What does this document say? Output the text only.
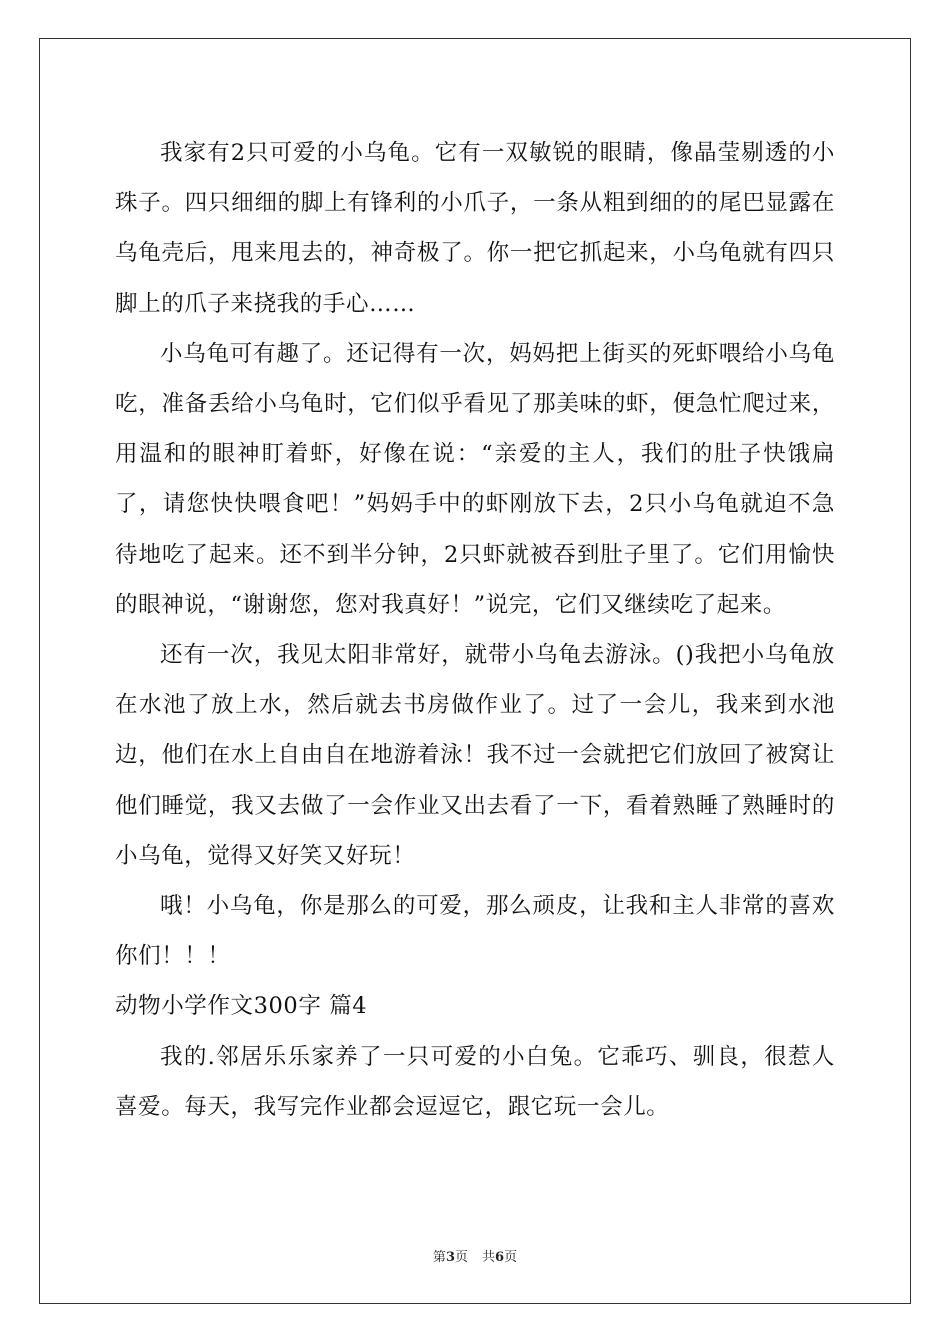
我家有2只可爱的小乌龟。它有一双敏锐的眼睛，像晶莹剔透的小珠子。四只细细的脚上有锋利的小爪子，一条从粗到细的的尾巴显露在乌龟壳后，甩来甩去的，神奇极了。你一把它抓起来，小乌龟就有四只脚上的爪子来挠我的手心……

小乌龟可有趣了。还记得有一次，妈妈把上街买的死虾喂给小乌龟吃，准备丢给小乌龟时，它们似乎看见了那美味的虾，便急忙爬过来，用温和的眼神盯着虾，好像在说：“亲爱的主人，我们的肚子快饿扁了，请您快快喂食吧！”妈妈手中的虾刚放下去，2只小乌龟就迫不急待地吃了起来。还不到半分钟，2只虾就被吞到肚子里了。它们用愉快的眼神说，“谢谢您，您对我真好！”说完，它们又继续吃了起来。

还有一次，我见太阳非常好，就带小乌龟去游泳。()我把小乌龟放在水池了放上水，然后就去书房做作业了。过了一会儿，我来到水池边，他们在水上自由自在地游着泳！我不过一会就把它们放回了被窝让他们睡觉，我又去做了一会作业又出去看了一下，看着熟睡了熟睡时的小乌龟，觉得又好笑又好玩！

哦！小乌龟，你是那么的可爱，那么顽皮，让我和主人非常的喜欢你们！！！

动物小学作文300字 篇4

我的.邻居乐乐家养了一只可爱的小白兔。它乖巧、驯良，很惹人喜爱。每天，我写完作业都会逗逗它，跟它玩一会儿。

第3页 共6页
